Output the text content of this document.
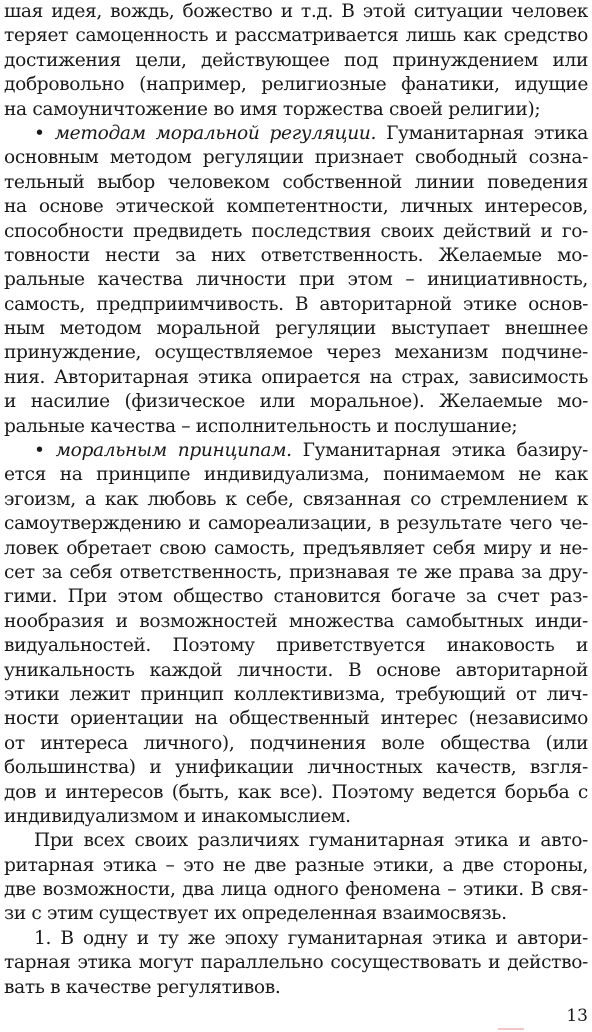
шая идея, вождь, божество и т.д. В этой ситуации человек
теряет самоценность и рассматривается лишь как средство
достижения цели, действующее под принуждением или
добровольно (например, религиозные фанатики, идущие
на самоуничтожение во имя торжества своей религии);
• методам моральной регуляции. Гуманитарная этика
основным методом регуляции признает свободный созна-
тельный выбор человеком собственной линии поведения
на основе этической компетентности, личных интересов,
способности предвидеть последствия своих действий и го-
товности нести за них ответственность. Желаемые мо-
ральные качества личности при этом – инициативность,
самость, предприимчивость. В авторитарной этике основ-
ным методом моральной регуляции выступает внешнее
принуждение, осуществляемое через механизм подчине-
ния. Авторитарная этика опирается на страх, зависимость
и насилие (физическое или моральное). Желаемые мо-
ральные качества – исполнительность и послушание;
• моральным принципам. Гуманитарная этика базиру-
ется на принципе индивидуализма, понимаемом не как
эгоизм, а как любовь к себе, связанная со стремлением к
самоутверждению и самореализации, в результате чего че-
ловек обретает свою самость, предъявляет себя миру и не-
сет за себя ответственность, признавая те же права за дру-
гими. При этом общество становится богаче за счет раз-
нообразия и возможностей множества самобытных инди-
видуальностей. Поэтому приветствуется инаковость и
уникальность каждой личности. В основе авторитарной
этики лежит принцип коллективизма, требующий от лич-
ности ориентации на общественный интерес (независимо
от интереса личного), подчинения воле общества (или
большинства) и унификации личностных качеств, взгля-
дов и интересов (быть, как все). Поэтому ведется борьба с
индивидуализмом и инакомыслием.
При всех своих различиях гуманитарная этика и авто-
ритарная этика – это не две разные этики, а две стороны,
две возможности, два лица одного феномена – этики. В свя-
зи с этим существует их определенная взаимосвязь.
1. В одну и ту же эпоху гуманитарная этика и автори-
тарная этика могут параллельно сосуществовать и действо-
вать в качестве регулятивов.
13
